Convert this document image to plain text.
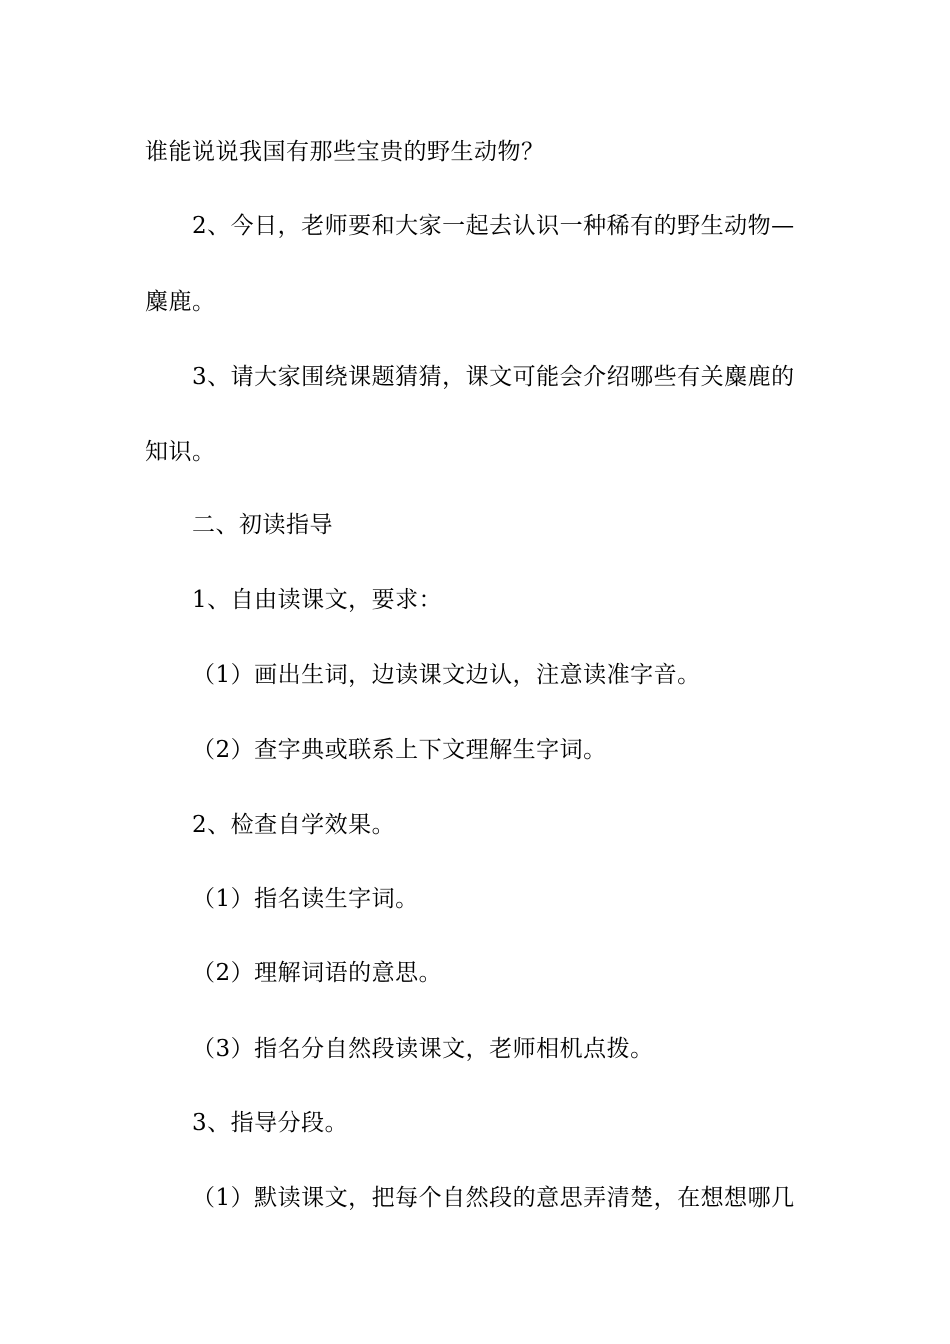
谁能说说我国有那些宝贵的野生动物？
2、今日，老师要和大家一起去认识一种稀有的野生动物—
麋鹿。
3、请大家围绕课题猜猜，课文可能会介绍哪些有关麋鹿的
知识。
二、初读指导
1、自由读课文，要求：
（1）画出生词，边读课文边认，注意读准字音。
（2）查字典或联系上下文理解生字词。
2、检查自学效果。
（1）指名读生字词。
（2）理解词语的意思。
（3）指名分自然段读课文，老师相机点拨。
3、指导分段。
（1）默读课文，把每个自然段的意思弄清楚，在想想哪几
